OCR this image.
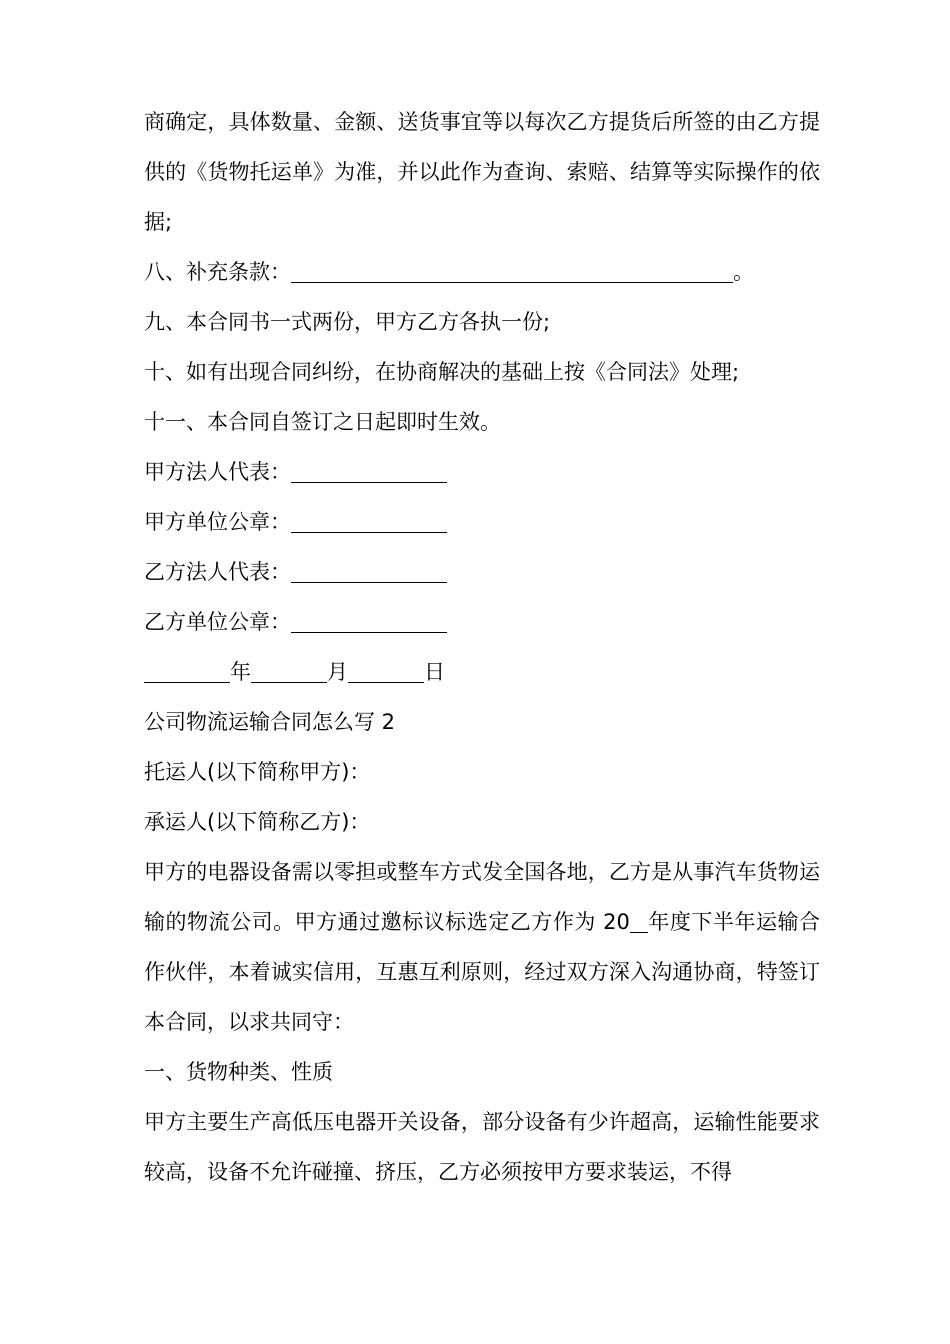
商确定，具体数量、金额、送货事宜等以每次乙方提货后所签的由乙方提供的《货物托运单》为准，并以此作为查询、索赔、结算等实际操作的依据;
八、补充条款：	。
九、本合同书一式两份，甲方乙方各执一份;
十、如有出现合同纠纷，在协商解决的基础上按《合同法》处理;
十一、本合同自签订之日起即时生效。
甲方法人代表：
甲方单位公章：
乙方法人代表：
乙方单位公章：
年	月	日
公司物流运输合同怎么写 2
托运人(以下简称甲方)：
承运人(以下简称乙方)：
甲方的电器设备需以零担或整车方式发全国各地，乙方是从事汽车货物运输的物流公司。甲方通过邀标议标选定乙方作为 20 年度下半年运输合作伙伴，本着诚实信用，互惠互利原则，经过双方深入沟通协商，特签订本合同，以求共同守：
一、货物种类、性质
甲方主要生产高低压电器开关设备，部分设备有少许超高，运输性能要求较高，设备不允许碰撞、挤压，乙方必须按甲方要求装运，不得
